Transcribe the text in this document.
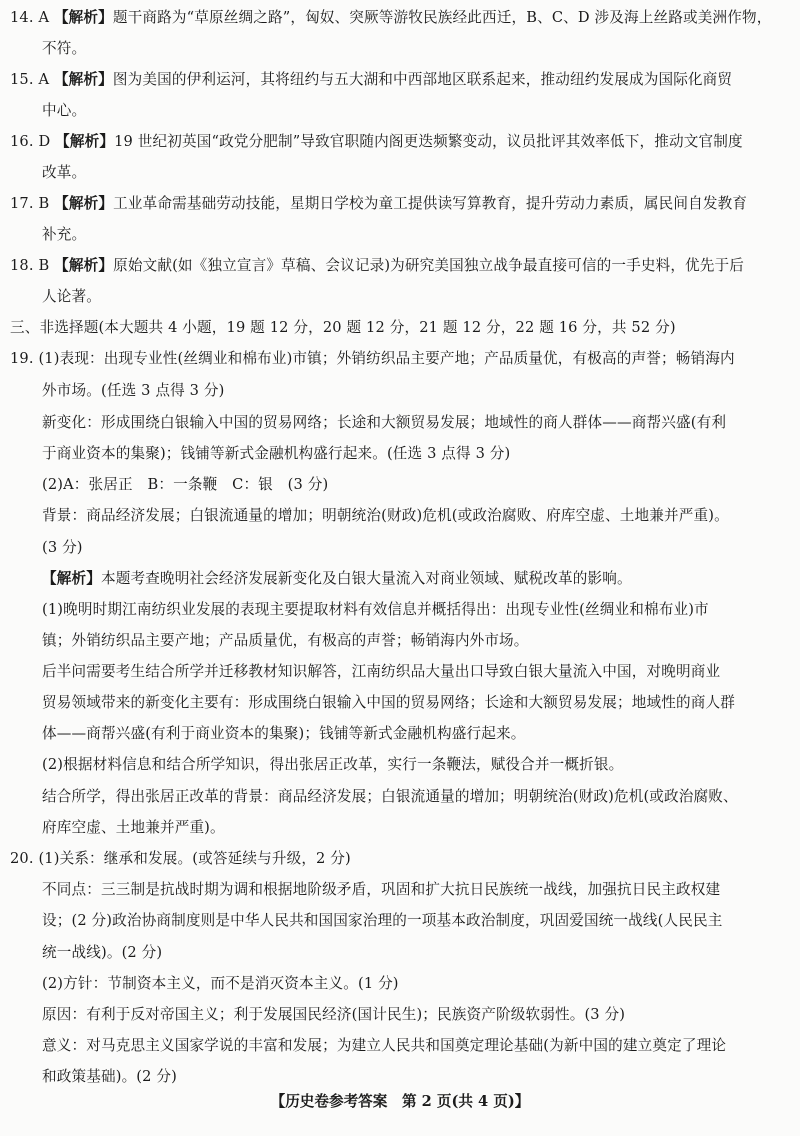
14. A 【解析】题干商路为“草原丝绸之路”，匈奴、突厥等游牧民族经此西迁，B、C、D 涉及海上丝路或美洲作物，
不符。
15. A 【解析】图为美国的伊利运河，其将纽约与五大湖和中西部地区联系起来，推动纽约发展成为国际化商贸
中心。
16. D 【解析】19 世纪初英国“政党分肥制”导致官职随内阁更迭频繁变动，议员批评其效率低下，推动文官制度
改革。
17. B 【解析】工业革命需基础劳动技能，星期日学校为童工提供读写算教育，提升劳动力素质，属民间自发教育
补充。
18. B 【解析】原始文献(如《独立宣言》草稿、会议记录)为研究美国独立战争最直接可信的一手史料，优先于后
人论著。
三、非选择题(本大题共 4 小题，19 题 12 分，20 题 12 分，21 题 12 分，22 题 16 分，共 52 分)
19. (1)表现：出现专业性(丝绸业和棉布业)市镇；外销纺织品主要产地；产品质量优，有极高的声誉；畅销海内
外市场。(任选 3 点得 3 分)
新变化：形成围绕白银输入中国的贸易网络；长途和大额贸易发展；地域性的商人群体——商帮兴盛(有利
于商业资本的集聚)；钱铺等新式金融机构盛行起来。(任选 3 点得 3 分)
(2)A：张居正　B：一条鞭　C：银　(3 分)
背景：商品经济发展；白银流通量的增加；明朝统治(财政)危机(或政治腐败、府库空虚、土地兼并严重)。
(3 分)
【解析】本题考查晚明社会经济发展新变化及白银大量流入对商业领域、赋税改革的影响。
(1)晚明时期江南纺织业发展的表现主要提取材料有效信息并概括得出：出现专业性(丝绸业和棉布业)市
镇；外销纺织品主要产地；产品质量优，有极高的声誉；畅销海内外市场。
后半问需要考生结合所学并迁移教材知识解答，江南纺织品大量出口导致白银大量流入中国，对晚明商业
贸易领域带来的新变化主要有：形成围绕白银输入中国的贸易网络；长途和大额贸易发展；地域性的商人群
体——商帮兴盛(有利于商业资本的集聚)；钱铺等新式金融机构盛行起来。
(2)根据材料信息和结合所学知识，得出张居正改革，实行一条鞭法，赋役合并一概折银。
结合所学，得出张居正改革的背景：商品经济发展；白银流通量的增加；明朝统治(财政)危机(或政治腐败、
府库空虚、土地兼并严重)。
20. (1)关系：继承和发展。(或答延续与升级，2 分)
不同点：三三制是抗战时期为调和根据地阶级矛盾，巩固和扩大抗日民族统一战线，加强抗日民主政权建
设；(2 分)政治协商制度则是中华人民共和国国家治理的一项基本政治制度，巩固爱国统一战线(人民民主
统一战线)。(2 分)
(2)方针：节制资本主义，而不是消灭资本主义。(1 分)
原因：有利于反对帝国主义；利于发展国民经济(国计民生)；民族资产阶级软弱性。(3 分)
意义：对马克思主义国家学说的丰富和发展；为建立人民共和国奠定理论基础(为新中国的建立奠定了理论
和政策基础)。(2 分)
【历史卷参考答案　第 2 页(共 4 页)】
